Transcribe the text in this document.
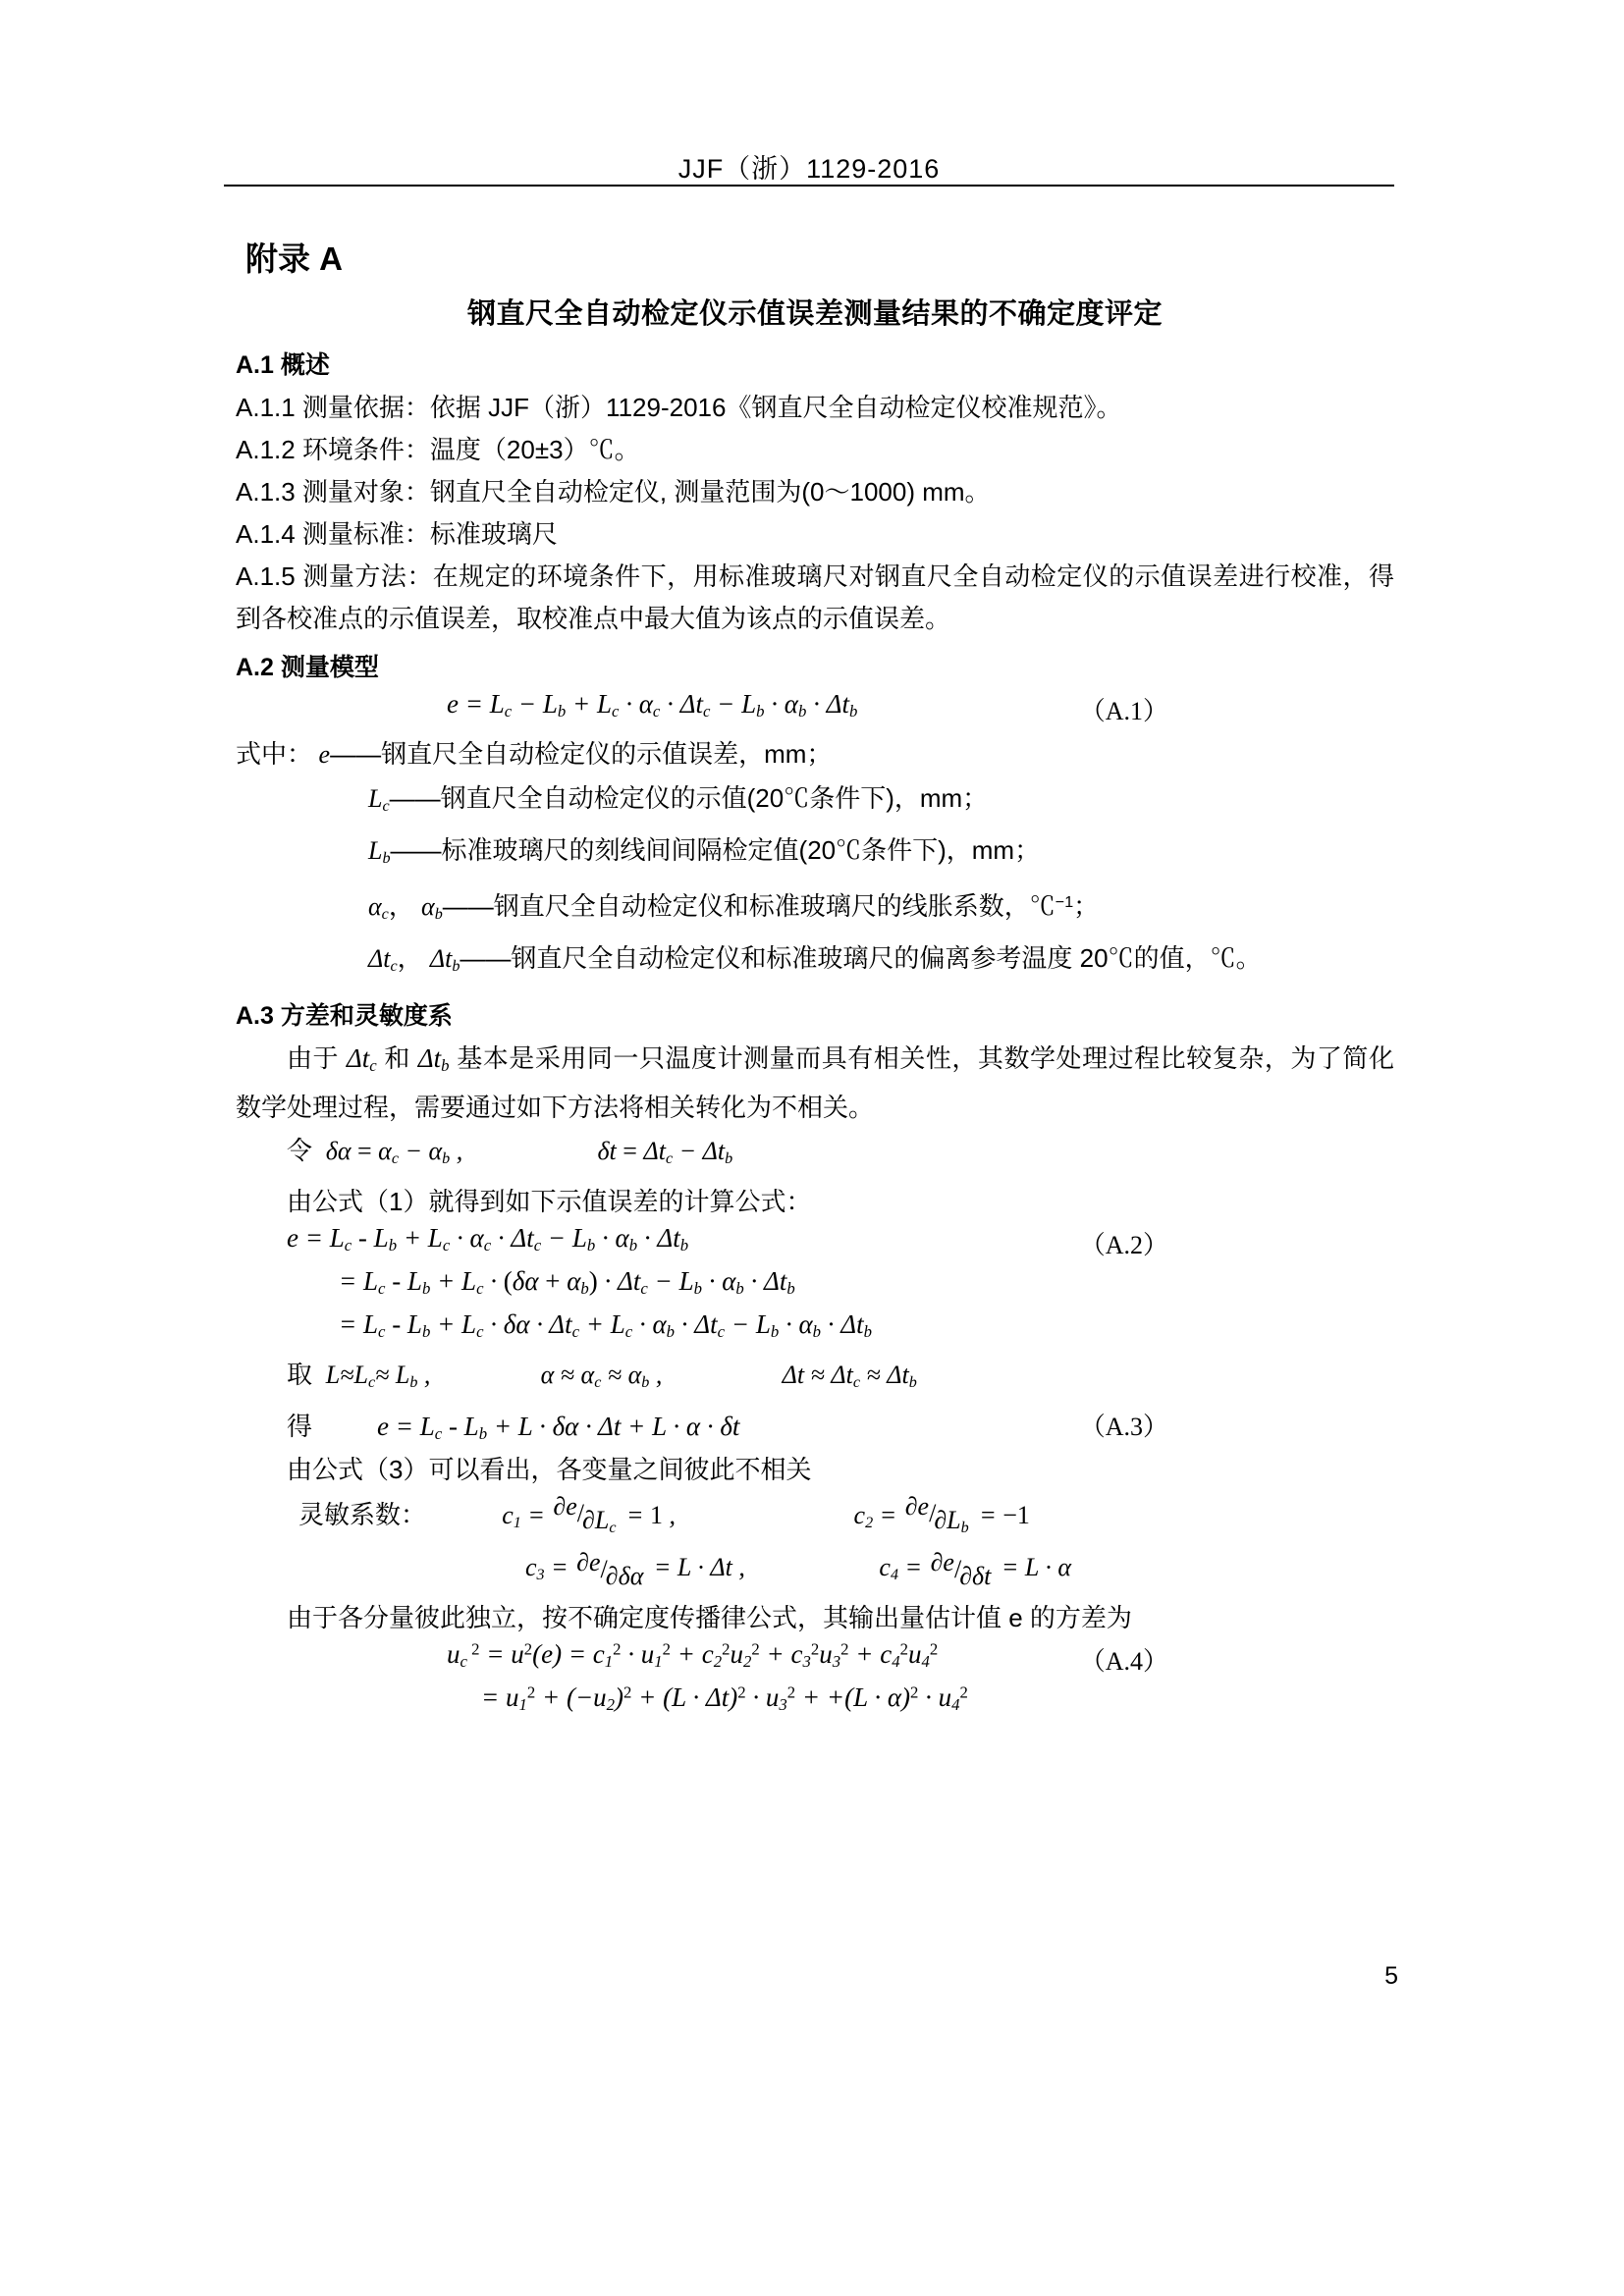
JJF（浙）1129-2016
附录 A
钢直尺全自动检定仪示值误差测量结果的不确定度评定
A.1 概述
A.1.1 测量依据：依据 JJF（浙）1129-2016《钢直尺全自动检定仪校准规范》。
A.1.2 环境条件：温度（20±3）℃。
A.1.3 测量对象：钢直尺全自动检定仪, 测量范围为(0～1000) mm。
A.1.4 测量标准：标准玻璃尺
A.1.5 测量方法：在规定的环境条件下，用标准玻璃尺对钢直尺全自动检定仪的示值误差进行校准，得到各校准点的示值误差，取校准点中最大值为该点的示值误差。
A.2 测量模型
$e = L_c - L_b + L_c \cdot \alpha_c \cdot \Delta t_c - L_b \cdot \alpha_b \cdot \Delta t_b$	（A.1）
式中： e——钢直尺全自动检定仪的示值误差，mm；
$L_c——$钢直尺全自动检定仪的示值(20℃条件下)，mm；
$L_b——$标准玻璃尺的刻线间间隔检定值(20℃条件下)，mm；
$\alpha_c$， $\alpha_b——$钢直尺全自动检定仪和标准玻璃尺的线胀系数，℃$^{-1}$；
$\Delta t_c$， $\Delta t_b——$钢直尺全自动检定仪和标准玻璃尺的偏离参考温度 20℃的值，℃。
A.3 方差和灵敏度系
由于 $\Delta t_c$ 和 $\Delta t_b$ 基本是采用同一只温度计测量而具有相关性，其数学处理过程比较复杂，为了简化数学处理过程，需要通过如下方法将相关转化为不相关。
令  $\delta\alpha = \alpha_c - \alpha_b$ ,	$\delta t = \Delta t_c - \Delta t_b$
由公式（1）就得到如下示值误差的计算公式：
$e = L_c - L_b + L_c \cdot \alpha_c \cdot \Delta t_c - L_b \cdot \alpha_b \cdot \Delta t_b$	（A.2）
= $L_c - L_b + L_c \cdot (\delta\alpha + \alpha_b) \cdot \Delta t_c - L_b \cdot \alpha_b \cdot \Delta t_b$
= $L_c - L_b + L_c \cdot \delta\alpha \cdot \Delta t_c + L_c \cdot \alpha_b \cdot \Delta t_c - L_b \cdot \alpha_b \cdot \Delta t_b$
取  $L\approx L_c\approx L_b$ ,	$\alpha \approx \alpha_c \approx \alpha_b$ ,	$\Delta t \approx \Delta t_c \approx \Delta t_b$
得 $e = L_c - L_b + L \cdot \delta\alpha \cdot \Delta t + L \cdot \alpha \cdot \delta t$	（A.3）
由公式（3）可以看出，各变量之间彼此不相关
灵敏系数：	$c_1 = \partial e/\partial L_c = 1$ ,	$c_2 = \partial e/\partial L_b = -1$
$c_3 = \partial e/\partial\delta\alpha = L \cdot \Delta t$ ,	$c_4 = \partial e/\partial\delta t = L \cdot \alpha$
由于各分量彼此独立，按不确定度传播律公式，其输出量估计值 e 的方差为
$u_c$ $^2 = u^2(e) = c_1^2 \cdot u_1^2 + c_2^2u_2^2 + c_3^2u_3^2 + c_4^2u_4^2$	（A.4）
= $u_1^2 + (-u_2)^2 + (L \cdot \Delta t)^2 \cdot u_3^2 + +(L \cdot \alpha)^2 \cdot u_4^2$
5
